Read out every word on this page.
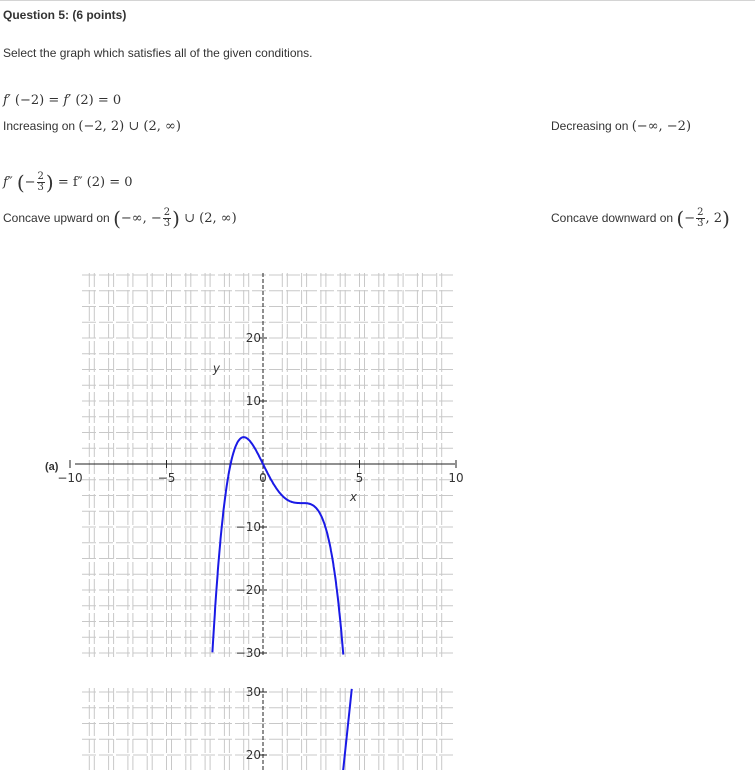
Question 5: (6 points)
Select the graph which satisfies all of the given conditions.
f′ (−2) = f′ (2) = 0
Increasing on (−2, 2) ∪ (2, ∞)	Decreasing on (−∞, −2)
f″ (− $\frac{2}{3}$ ) = f″ (2) = 0
Concave upward on (−∞, − $\frac{2}{3}$ ) ∪ (2, ∞)	Concave downward on (− $\frac{2}{3}$ , 2)
(a)
−10	−5	0	5	10
20
10
−10
−20
−30
x
y
30
20
